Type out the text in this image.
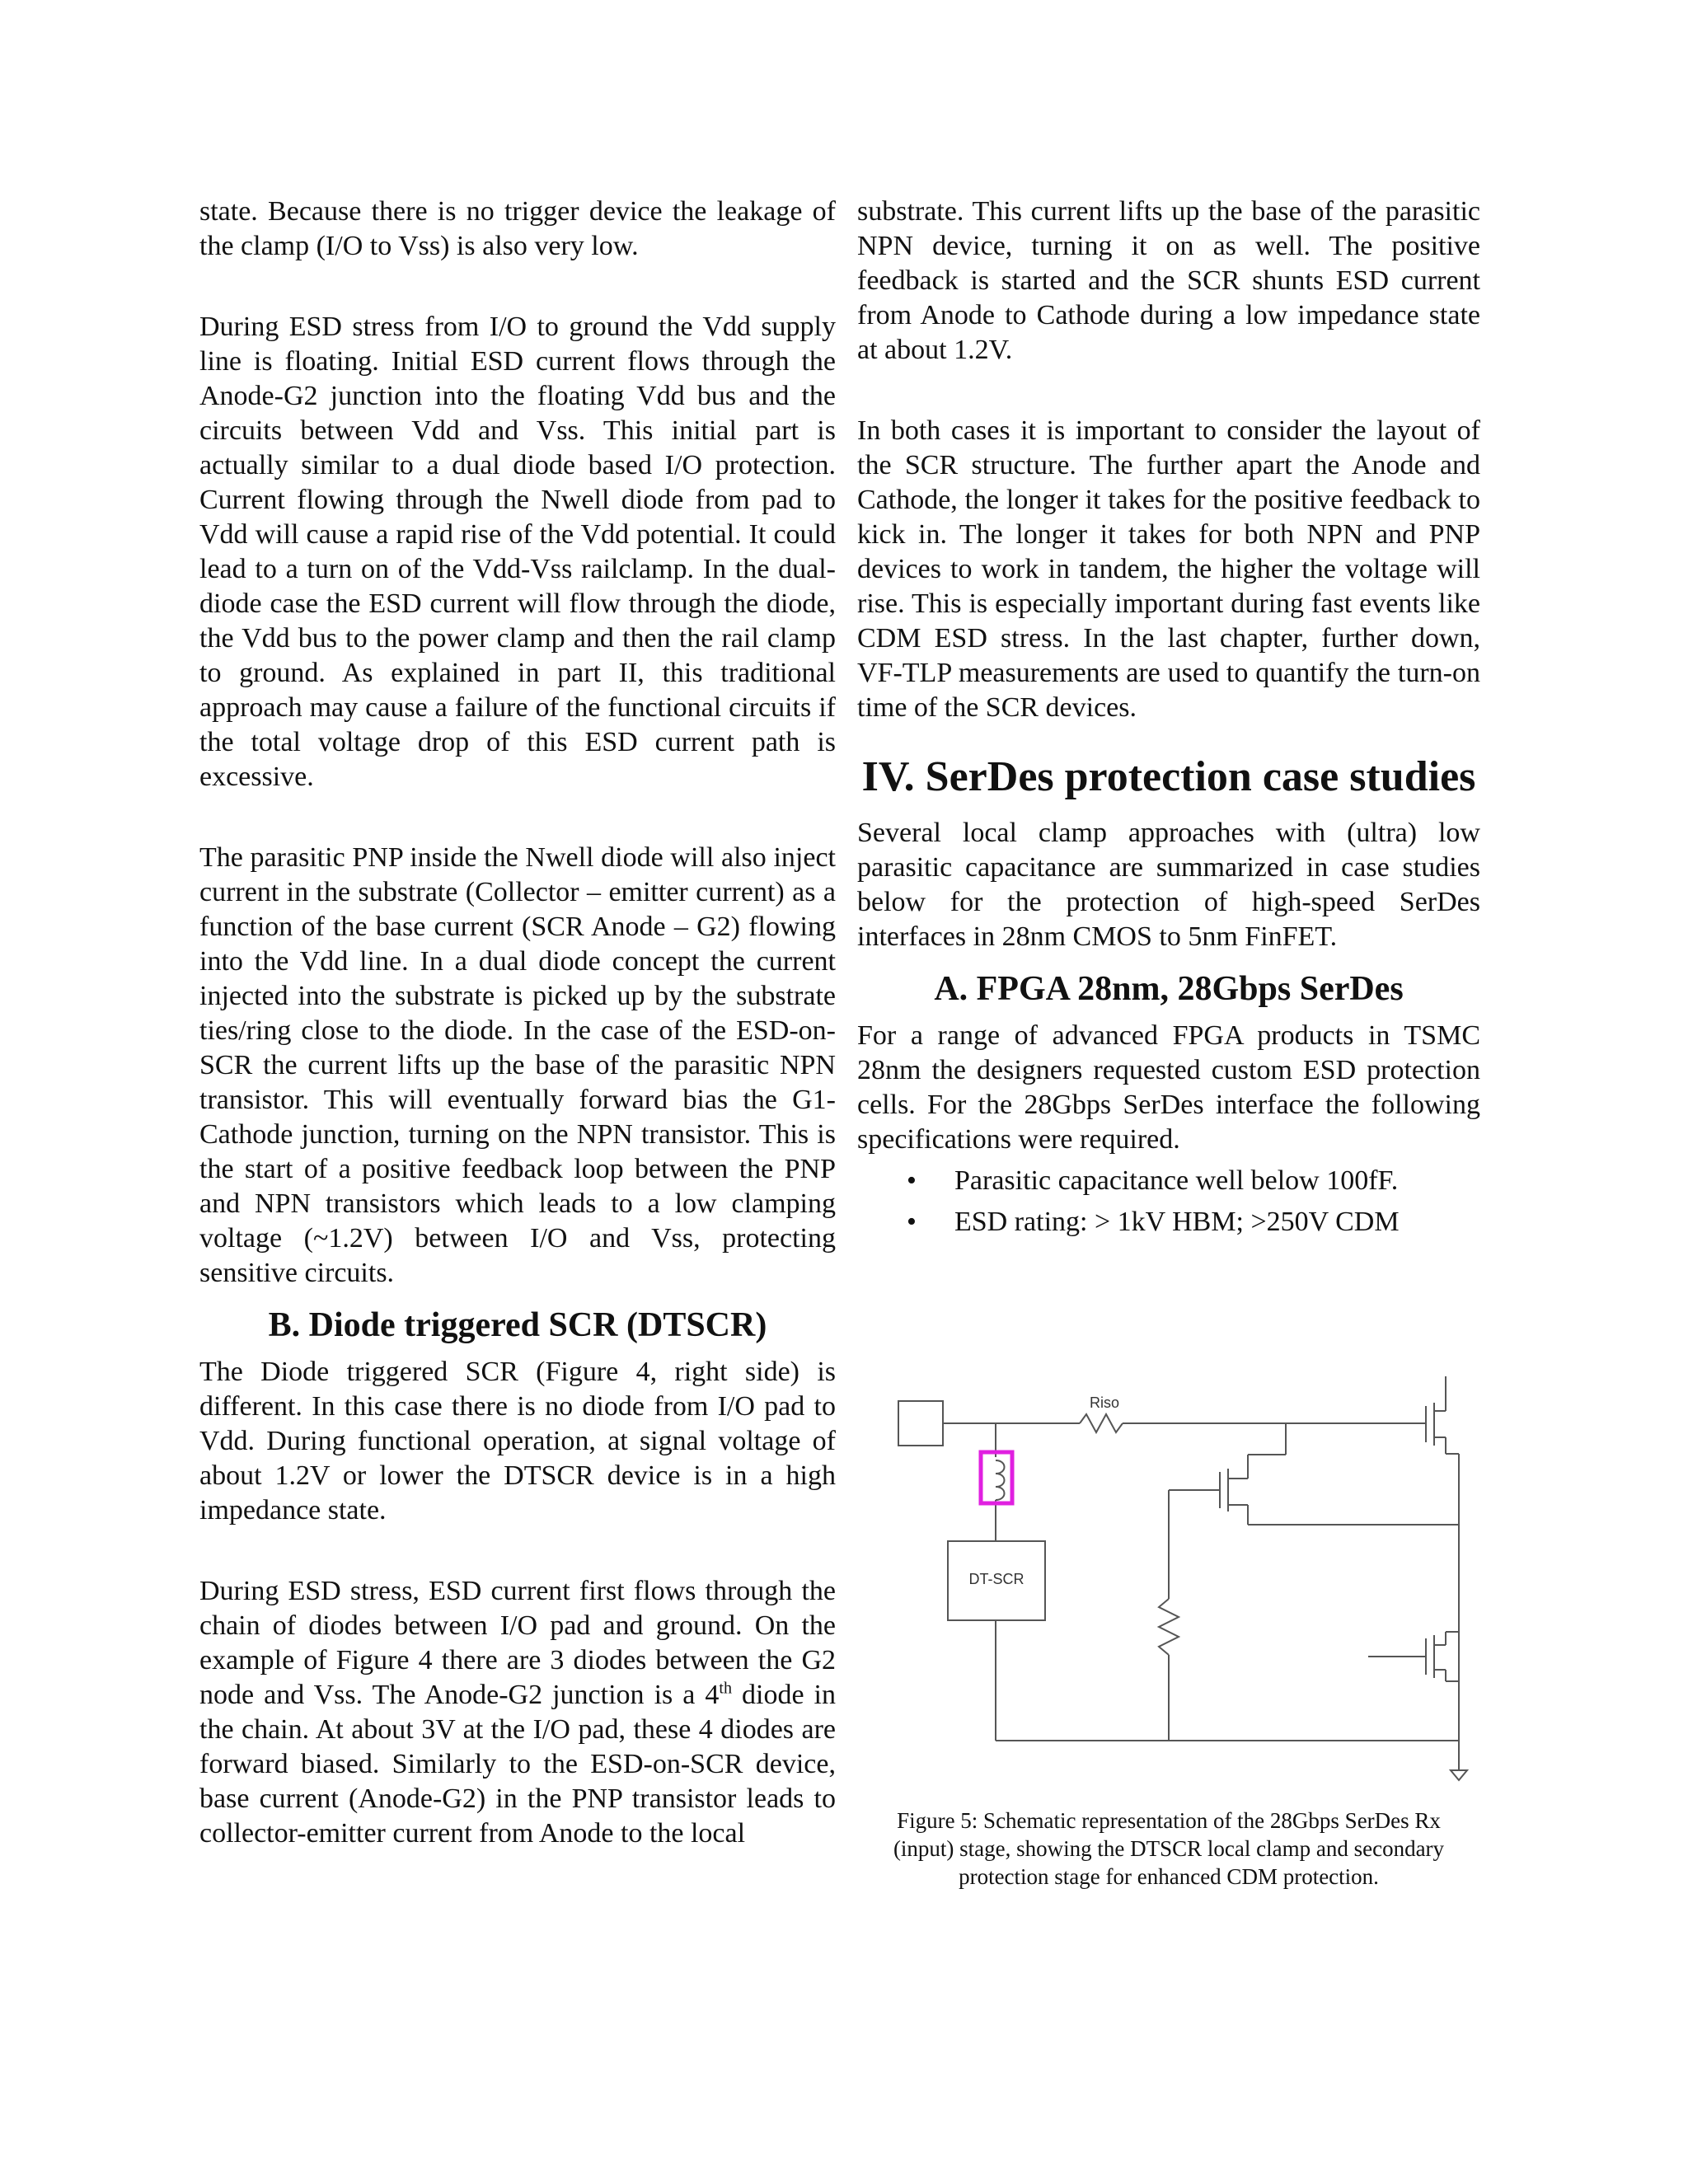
state. Because there is no trigger device the leakage of the clamp (I/O to Vss) is also very low.

During ESD stress from I/O to ground the Vdd supply line is floating. Initial ESD current flows through the Anode-G2 junction into the floating Vdd bus and the circuits between Vdd and Vss. This initial part is actually similar to a dual diode based I/O protection. Current flowing through the Nwell diode from pad to Vdd will cause a rapid rise of the Vdd potential. It could lead to a turn on of the Vdd-Vss railclamp. In the dual-diode case the ESD current will flow through the diode, the Vdd bus to the power clamp and then the rail clamp to ground. As explained in part II, this traditional approach may cause a failure of the functional circuits if the total voltage drop of this ESD current path is excessive.

The parasitic PNP inside the Nwell diode will also inject current in the substrate (Collector – emitter current) as a function of the base current (SCR Anode – G2) flowing into the Vdd line. In a dual diode concept the current injected into the substrate is picked up by the substrate ties/ring close to the diode. In the case of the ESD-on-SCR the current lifts up the base of the parasitic NPN transistor. This will eventually forward bias the G1-Cathode junction, turning on the NPN transistor. This is the start of a positive feedback loop between the PNP and NPN transistors which leads to a low clamping voltage (~1.2V) between I/O and Vss, protecting sensitive circuits.

B. Diode triggered SCR (DTSCR)

The Diode triggered SCR (Figure 4, right side) is different. In this case there is no diode from I/O pad to Vdd. During functional operation, at signal voltage of about 1.2V or lower the DTSCR device is in a high impedance state.

During ESD stress, ESD current first flows through the chain of diodes between I/O pad and ground. On the example of Figure 4 there are 3 diodes between the G2 node and Vss. The Anode-G2 junction is a 4th diode in the chain. At about 3V at the I/O pad, these 4 diodes are forward biased. Similarly to the ESD-on-SCR device, base current (Anode-G2) in the PNP transistor leads to collector-emitter current from Anode to the local

substrate. This current lifts up the base of the parasitic NPN device, turning it on as well. The positive feedback is started and the SCR shunts ESD current from Anode to Cathode during a low impedance state at about 1.2V.

In both cases it is important to consider the layout of the SCR structure. The further apart the Anode and Cathode, the longer it takes for the positive feedback to kick in. The longer it takes for both NPN and PNP devices to work in tandem, the higher the voltage will rise. This is especially important during fast events like CDM ESD stress. In the last chapter, further down, VF-TLP measurements are used to quantify the turn-on time of the SCR devices.

IV. SerDes protection case studies

Several local clamp approaches with (ultra) low parasitic capacitance are summarized in case studies below for the protection of high-speed SerDes interfaces in 28nm CMOS to 5nm FinFET.

A. FPGA 28nm, 28Gbps SerDes

For a range of advanced FPGA products in TSMC 28nm the designers requested custom ESD protection cells. For the 28Gbps SerDes interface the following specifications were required.

• Parasitic capacitance well below 100fF.
• ESD rating: > 1kV HBM; >250V CDM
Riso
DT-SCR
Figure 5: Schematic representation of the 28Gbps SerDes Rx (input) stage, showing the DTSCR local clamp and secondary protection stage for enhanced CDM protection.
